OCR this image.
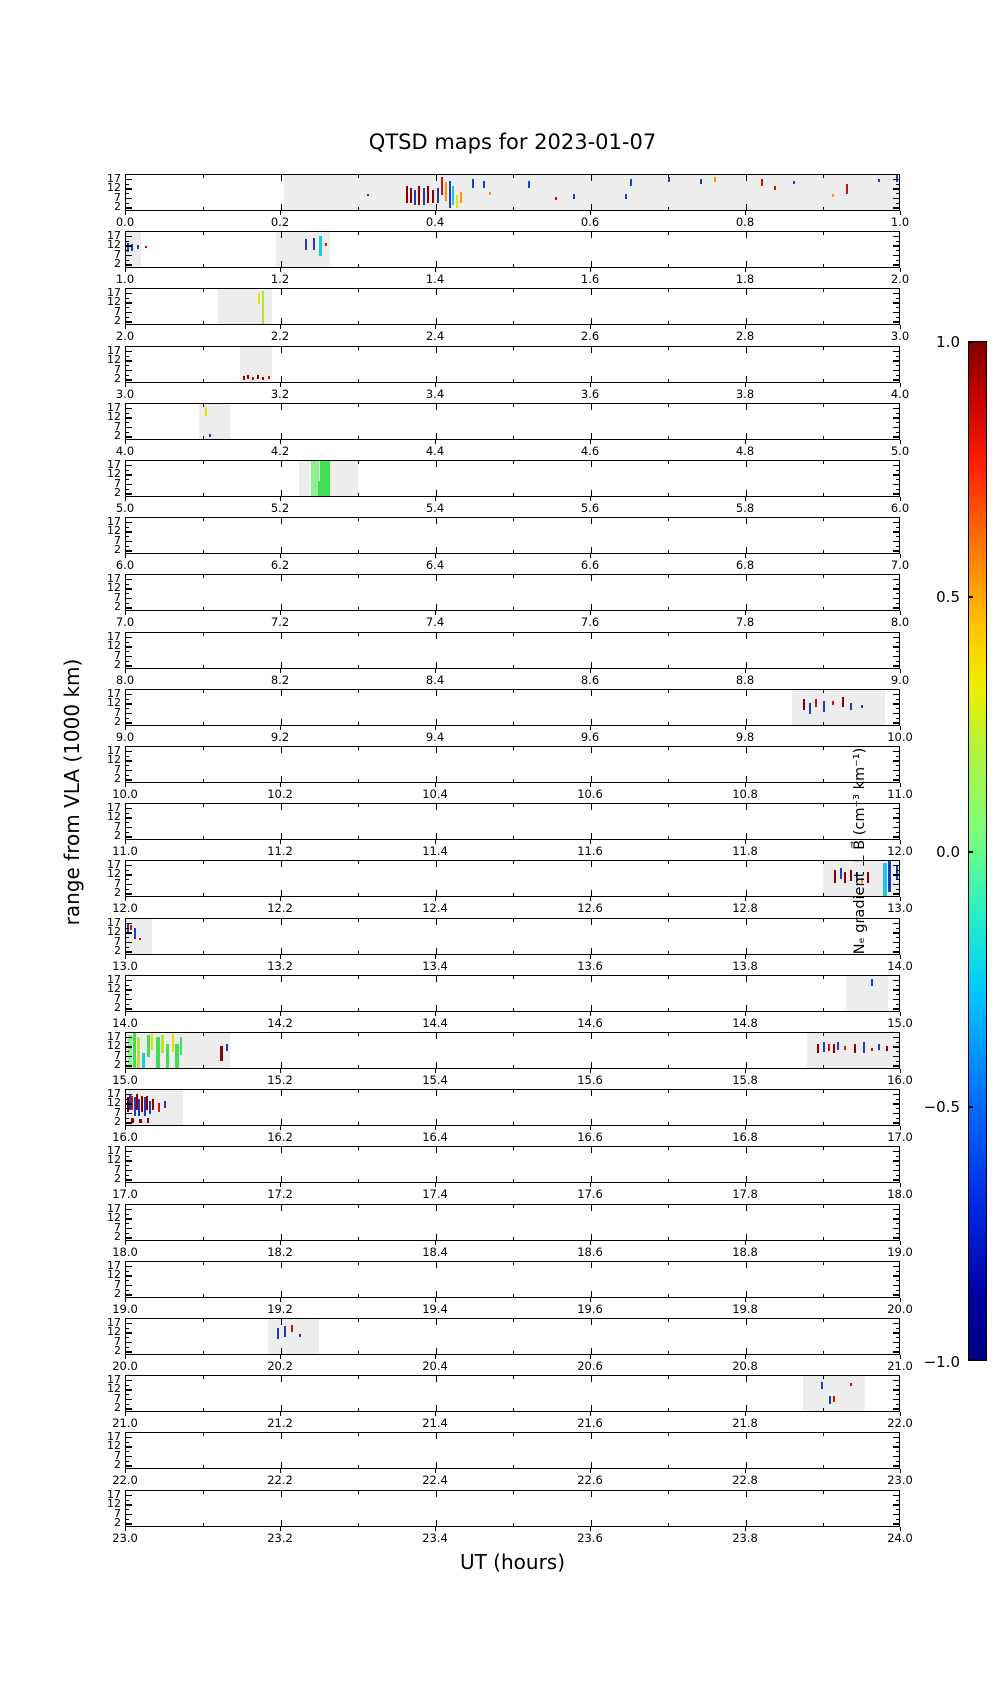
QTSD maps for 2023-01-07
range from VLA (1000 km)
UT (hours)
17
12
7
2
0.0	0.2	0.4	0.6	0.8	1.0
17
12
7
2
1.0	1.2	1.4	1.6	1.8	2.0
17
12
7
2
2.0	2.2	2.4	2.6	2.8	3.0
17
12
7
2
3.0	3.2	3.4	3.6	3.8	4.0
17
12
7
2
4.0	4.2	4.4	4.6	4.8	5.0
17
12
7
2
5.0	5.2	5.4	5.6	5.8	6.0
17
12
7
2
6.0	6.2	6.4	6.6	6.8	7.0
17
12
7
2
7.0	7.2	7.4	7.6	7.8	8.0
17
12
7
2
8.0	8.2	8.4	8.6	8.8	9.0
17
12
7
2
9.0	9.2	9.4	9.6	9.8	10.0
17
12
7
2
10.0	10.2	10.4	10.6	10.8	11.0
17
12
7
2
11.0	11.2	11.4	11.6	11.8	12.0
17
12
7
2
12.0	12.2	12.4	12.6	12.8	13.0
17
12
7
2
13.0	13.2	13.4	13.6	13.8	14.0
17
12
7
2
14.0	14.2	14.4	14.6	14.8	15.0
17
12
7
2
15.0	15.2	15.4	15.6	15.8	16.0
17
12
7
2
16.0	16.2	16.4	16.6	16.8	17.0
17
12
7
2
17.0	17.2	17.4	17.6	17.8	18.0
17
12
7
2
18.0	18.2	18.4	18.6	18.8	19.0
17
12
7
2
19.0	19.2	19.4	19.6	19.8	20.0
17
12
7
2
20.0	20.2	20.4	20.6	20.8	21.0
17
12
7
2
21.0	21.2	21.4	21.6	21.8	22.0
17
12
7
2
22.0	22.2	22.4	22.6	22.8	23.0
17
12
7
2
23.0	23.2	23.4	23.6	23.8	24.0
Nₑ gradient ⊥ B⃗ (cm⁻³ km⁻¹)
1.0
0.5
0.0
−0.5
−1.0
